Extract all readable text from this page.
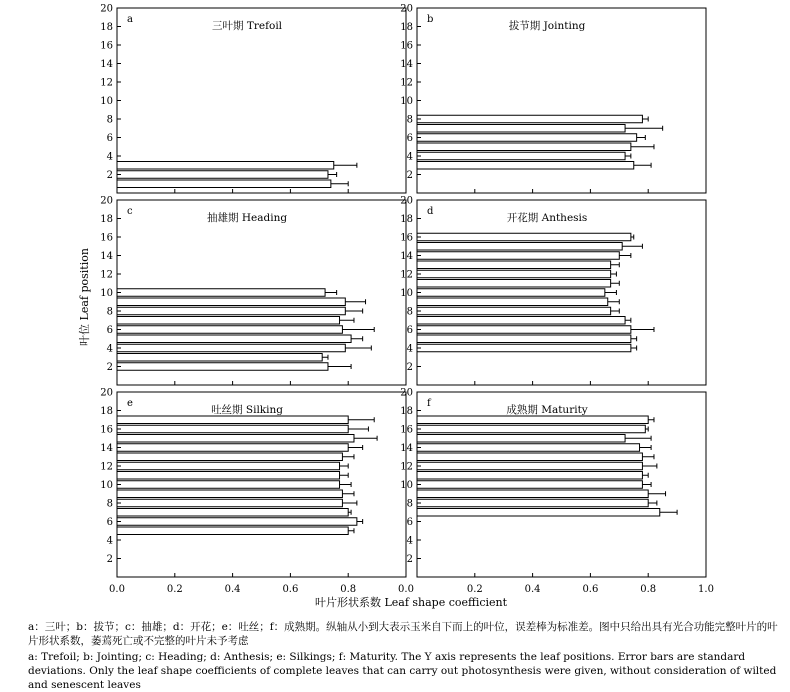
a
三叶期 Trefoil
b
拔节期 Jointing
c
抽雄期 Heading
d
开花期 Anthesis
e
吐丝期 Silking
f
成熟期 Maturity
2
4
6
8
10
12
14
16
18
20
2
4
6
8
10
12
14
16
18
20
2
4
6
8
10
12
14
16
18
20
2
4
6
8
10
12
14
16
18
20
2
4
6
8
10
12
14
16
18
20
2
4
6
8
10
12
14
16
18
20
0.0	0.2	0.4	0.6	0.8	0.0	0.2	0.4	0.6	0.8	1.0
叶位 Leaf position
叶片形状系数 Leaf shape coefficient

a：三叶；b：拔节；c：抽雄；d：开花；e：吐丝；f：成熟期。纵轴从小到大表示玉米自下而上的叶位，误差棒为标准差。图中只给出具有光合功能完整叶片的叶片形状系数，萎蔫死亡或不完整的叶片未予考虑

a: Trefoil; b: Jointing; c: Heading; d: Anthesis; e: Silkings; f: Maturity. The Y axis represents the leaf positions. Error bars are standard deviations. Only the leaf shape coefficients of complete leaves that can carry out photosynthesis were given, without consideration of wilted and senescent leaves
